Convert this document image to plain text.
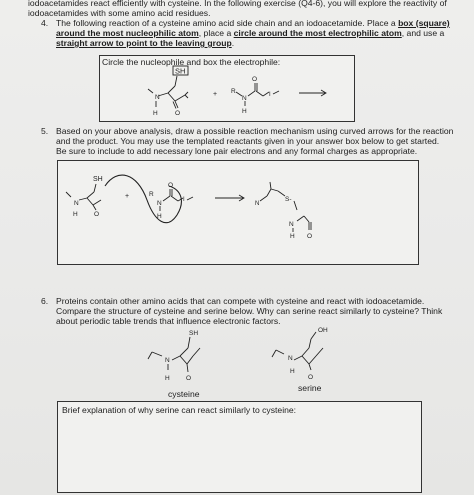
iodoacetamides react efficiently with cysteine. In the following exercise (Q4-6), you will explore the reactivity of
iodoacetamides with some amino acid residues.
4. The following reaction of a cysteine amino acid side chain and an iodoacetamide. Place a box (square)
around the most nucleophilic atom, place a circle around the most electrophilic atom, and use a
straight arrow to point to the leaving group.
Circle the nucleophile and box the electrophile:
SH
N
H	O
+ R
N
H
O
I
5. Based on your above analysis, draw a possible reaction mechanism using curved arrows for the reaction
and the product. You may use the templated reactants given in your answer box below to get started.
Be sure to include to add necessary lone pair electrons and any formal charges as appropriate.
SH
N
H	O
+	R
N
H
O
I
N
S-
N
H O
6. Proteins contain other amino acids that can compete with cysteine and react with iodoacetamide.
Compare the structure of cysteine and serine below. Why can serine react similarly to cysteine? Think
about periodic table trends that influence electronic factors.
SH
N
H	O
OH
N
H
O
cysteine
serine
Brief explanation of why serine can react similarly to cysteine:
